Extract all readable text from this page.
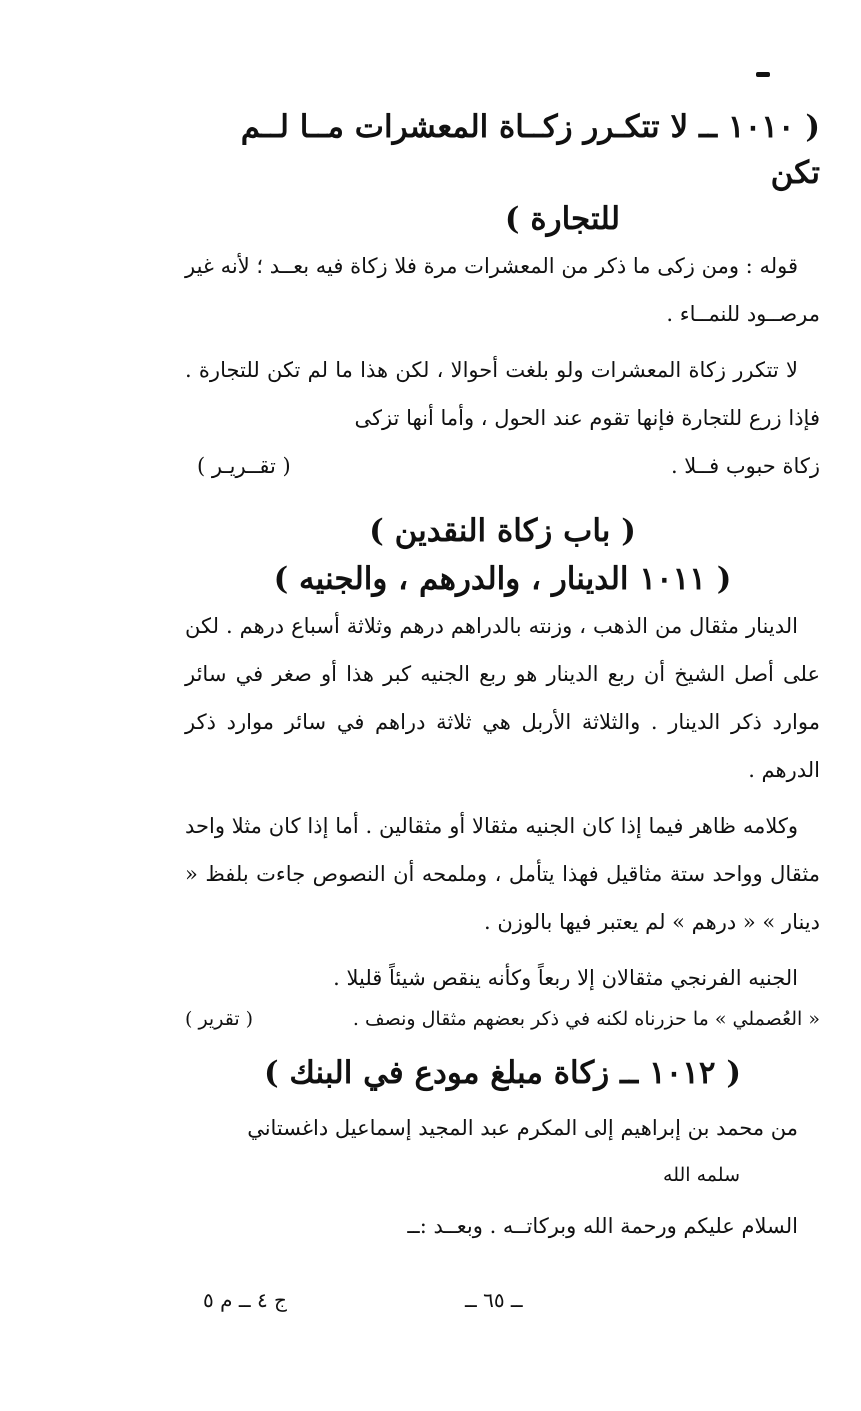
( ١٠١٠ ــ لا تتكـرر زكــاة المعشرات مــا لــم تكن
للتجارة )

قوله : ومن زكى ما ذكر من المعشرات مرة فلا زكاة فيه بعــد ؛ لأنه غير مرصــود للنمــاء .

لا تتكرر زكاة المعشرات ولو بلغت أحوالا ، لكن هذا ما لم تكن للتجارة . فإذا زرع للتجارة فإنها تقوم عند الحول ، وأما أنها تزكى

زكاة حبوب فــلا .
( تقــريـر )
( باب زكاة النقدين )
( ١٠١١ الدينار ، والدرهم ، والجنيه )

الدينار مثقال من الذهب ، وزنته بالدراهم درهم وثلاثة أسباع درهم . لكن على أصل الشيخ أن ربع الدينار هو ربع الجنيه كبر هذا أو صغر في سائر موارد ذكر الدينار . والثلاثة الأربل هي ثلاثة دراهم في سائر موارد ذكر الدرهم .

وكلامه ظاهر فيما إذا كان الجنيه مثقالا أو مثقالين . أما إذا كان مثلا واحد مثقال وواحد ستة مثاقيل فهذا يتأمل ، وملمحه أن النصوص جاءت بلفظ « دينار » « درهم » لم يعتبر فيها بالوزن .

الجنيه الفرنجي مثقالان إلا ربعاً وكأنه ينقص شيئاً قليلا .

« العُصملي » ما حزرناه لكنه في ذكر بعضهم مثقال ونصف .
( تقرير )
( ١٠١٢ ــ زكاة مبلغ مودع في البنك )

من محمد بن إبراهيم إلى المكرم عبد المجيد إسماعيل داغستاني

سلمه الله

السلام عليكم ورحمة الله وبركاتــه . وبعــد :ــ

ج ٤ ــ م ٥	ــ ٦٥ ــ
